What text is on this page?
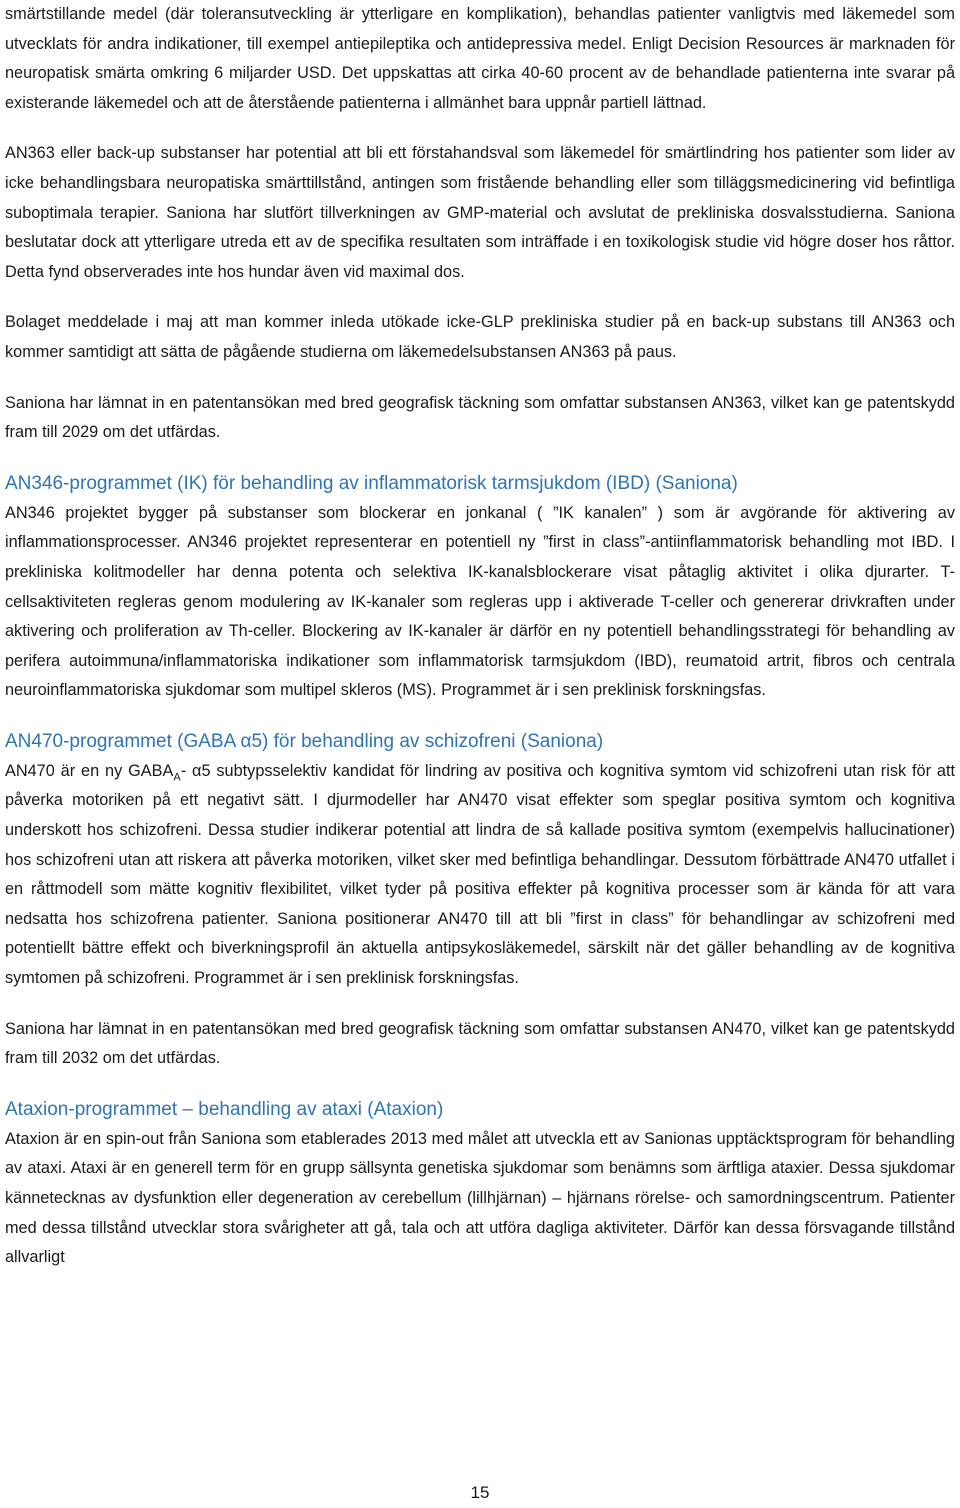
smärtstillande medel (där toleransutveckling är ytterligare en komplikation), behandlas patienter vanligtvis med läkemedel som utvecklats för andra indikationer, till exempel antiepileptika och antidepressiva medel. Enligt Decision Resources är marknaden för neuropatisk smärta omkring 6 miljarder USD. Det uppskattas att cirka 40-60 procent av de behandlade patienterna inte svarar på existerande läkemedel och att de återstående patienterna i allmänhet bara uppnår partiell lättnad.

AN363 eller back-up substanser har potential att bli ett förstahandsval som läkemedel för smärtlindring hos patienter som lider av icke behandlingsbara neuropatiska smärttillstånd, antingen som fristående behandling eller som tilläggsmedicinering vid befintliga suboptimala terapier. Saniona har slutfört tillverkningen av GMP-material och avslutat de prekliniska dosvalsstudierna. Saniona beslutatar dock att ytterligare utreda ett av de specifika resultaten som inträffade i en toxikologisk studie vid högre doser hos råttor. Detta fynd observerades inte hos hundar även vid maximal dos.

Bolaget meddelade i maj att man kommer inleda utökade icke-GLP prekliniska studier på en back-up substans till AN363 och kommer samtidigt att sätta de pågående studierna om läkemedelsubstansen AN363 på paus.

Saniona har lämnat in en patentansökan med bred geografisk täckning som omfattar substansen AN363, vilket kan ge patentskydd fram till 2029 om det utfärdas.

AN346-programmet (IK) för behandling av inflammatorisk tarmsjukdom (IBD) (Saniona)

AN346 projektet bygger på substanser som blockerar en jonkanal ( ”IK kanalen” ) som är avgörande för aktivering av inflammationsprocesser. AN346 projektet representerar en potentiell ny ”first in class”-antiinflammatorisk behandling mot IBD. I prekliniska kolitmodeller har denna potenta och selektiva IK-kanalsblockerare visat påtaglig aktivitet i olika djurarter. T-cellsaktiviteten regleras genom modulering av IK-kanaler som regleras upp i aktiverade T-celler och genererar drivkraften under aktivering och proliferation av Th-celler. Blockering av IK-kanaler är därför en ny potentiell behandlingsstrategi för behandling av perifera autoimmuna/inflammatoriska indikationer som inflammatorisk tarmsjukdom (IBD), reumatoid artrit, fibros och centrala neuroinflammatoriska sjukdomar som multipel skleros (MS). Programmet är i sen preklinisk forskningsfas.

AN470-programmet (GABA α5) för behandling av schizofreni (Saniona)

AN470 är en ny $GABA_A-$ α5 subtypsselektiv kandidat för lindring av positiva och kognitiva symtom vid schizofreni utan risk för att påverka motoriken på ett negativt sätt. I djurmodeller har AN470 visat effekter som speglar positiva symtom och kognitiva underskott hos schizofreni. Dessa studier indikerar potential att lindra de så kallade positiva symtom (exempelvis hallucinationer) hos schizofreni utan att riskera att påverka motoriken, vilket sker med befintliga behandlingar. Dessutom förbättrade AN470 utfallet i en råttmodell som mätte kognitiv flexibilitet, vilket tyder på positiva effekter på kognitiva processer som är kända för att vara nedsatta hos schizofrena patienter. Saniona positionerar AN470 till att bli ”first in class” för behandlingar av schizofreni med potentiellt bättre effekt och biverkningsprofil än aktuella antipsykosläkemedel, särskilt när det gäller behandling av de kognitiva symtomen på schizofreni. Programmet är i sen preklinisk forskningsfas.

Saniona har lämnat in en patentansökan med bred geografisk täckning som omfattar substansen AN470, vilket kan ge patentskydd fram till 2032 om det utfärdas.

Ataxion-programmet – behandling av ataxi (Ataxion)

Ataxion är en spin-out från Saniona som etablerades 2013 med målet att utveckla ett av Sanionas upptäcktsprogram för behandling av ataxi. Ataxi är en generell term för en grupp sällsynta genetiska sjukdomar som benämns som ärftliga ataxier. Dessa sjukdomar kännetecknas av dysfunktion eller degeneration av cerebellum (lillhjärnan) – hjärnans rörelse- och samordningscentrum. Patienter med dessa tillstånd utvecklar stora svårigheter att gå, tala och att utföra dagliga aktiviteter. Därför kan dessa försvagande tillstånd allvarligt

15
